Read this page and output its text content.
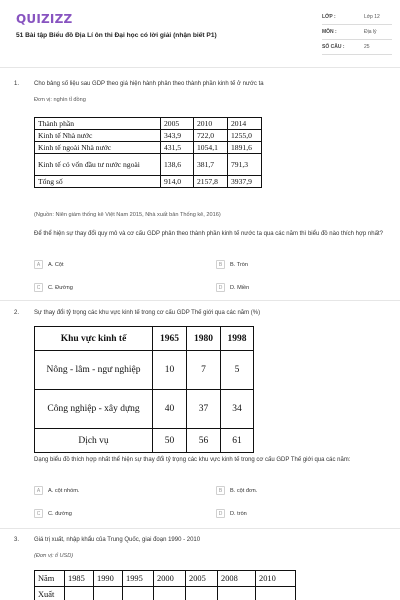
QUIZIZZ
51 Bài tập Biểu đồ Địa Lí ôn thi Đại học có lời giải (nhận biết P1)
LỚP :	Lớp 12
MÔN :	Địa lý
SỐ CÂU :	25
1. Cho bảng số liệu sau GDP theo giá hiện hành phân theo thành phần kinh tế ở nước ta
Đơn vị: nghìn tỉ đồng
Thành phần	2005	2010	2014
Kinh tế Nhà nước	343,9	722,0	1255,0
Kinh tế ngoài Nhà nước	431,5	1054,1	1891,6
Kinh tế có vốn đầu tư nước ngoài	138,6	381,7	791,3
Tổng số	914,0	2157,8	3937,9
(Nguồn: Niên giám thống kê Việt Nam 2015, Nhà xuất bản Thống kê, 2016)
Để thể hiện sự thay đổi quy mô và cơ cấu GDP phân theo thành phần kinh tế nước ta qua các năm thì biểu đồ nào thích hợp nhất?
A	A. Cột	B	B. Tròn
C	C. Đường	D	D. Miền
2. Sự thay đổi tỷ trọng các khu vực kinh tế trong cơ cấu GDP Thế giới qua các năm (%)
Khu vực kinh tế	1965	1980	1998
Nông - lâm - ngư nghiệp	10	7	5
Công nghiệp - xây dựng	40	37	34
Dịch vụ	50	56	61
Dạng biểu đồ thích hợp nhất thể hiện sự thay đổi tỷ trọng các khu vực kinh tế trong cơ cấu GDP Thế giới qua các năm:
A	A. cột nhóm.	B	B. cột đơn.
C	C. đường	D	D. tròn
3. Giá trị xuất, nhập khẩu của Trung Quốc, giai đoạn 1990 - 2010
(Đơn vị: tỉ USD)
Năm	1985	1990	1995	2000	2005	2008	2010
Xuất							
